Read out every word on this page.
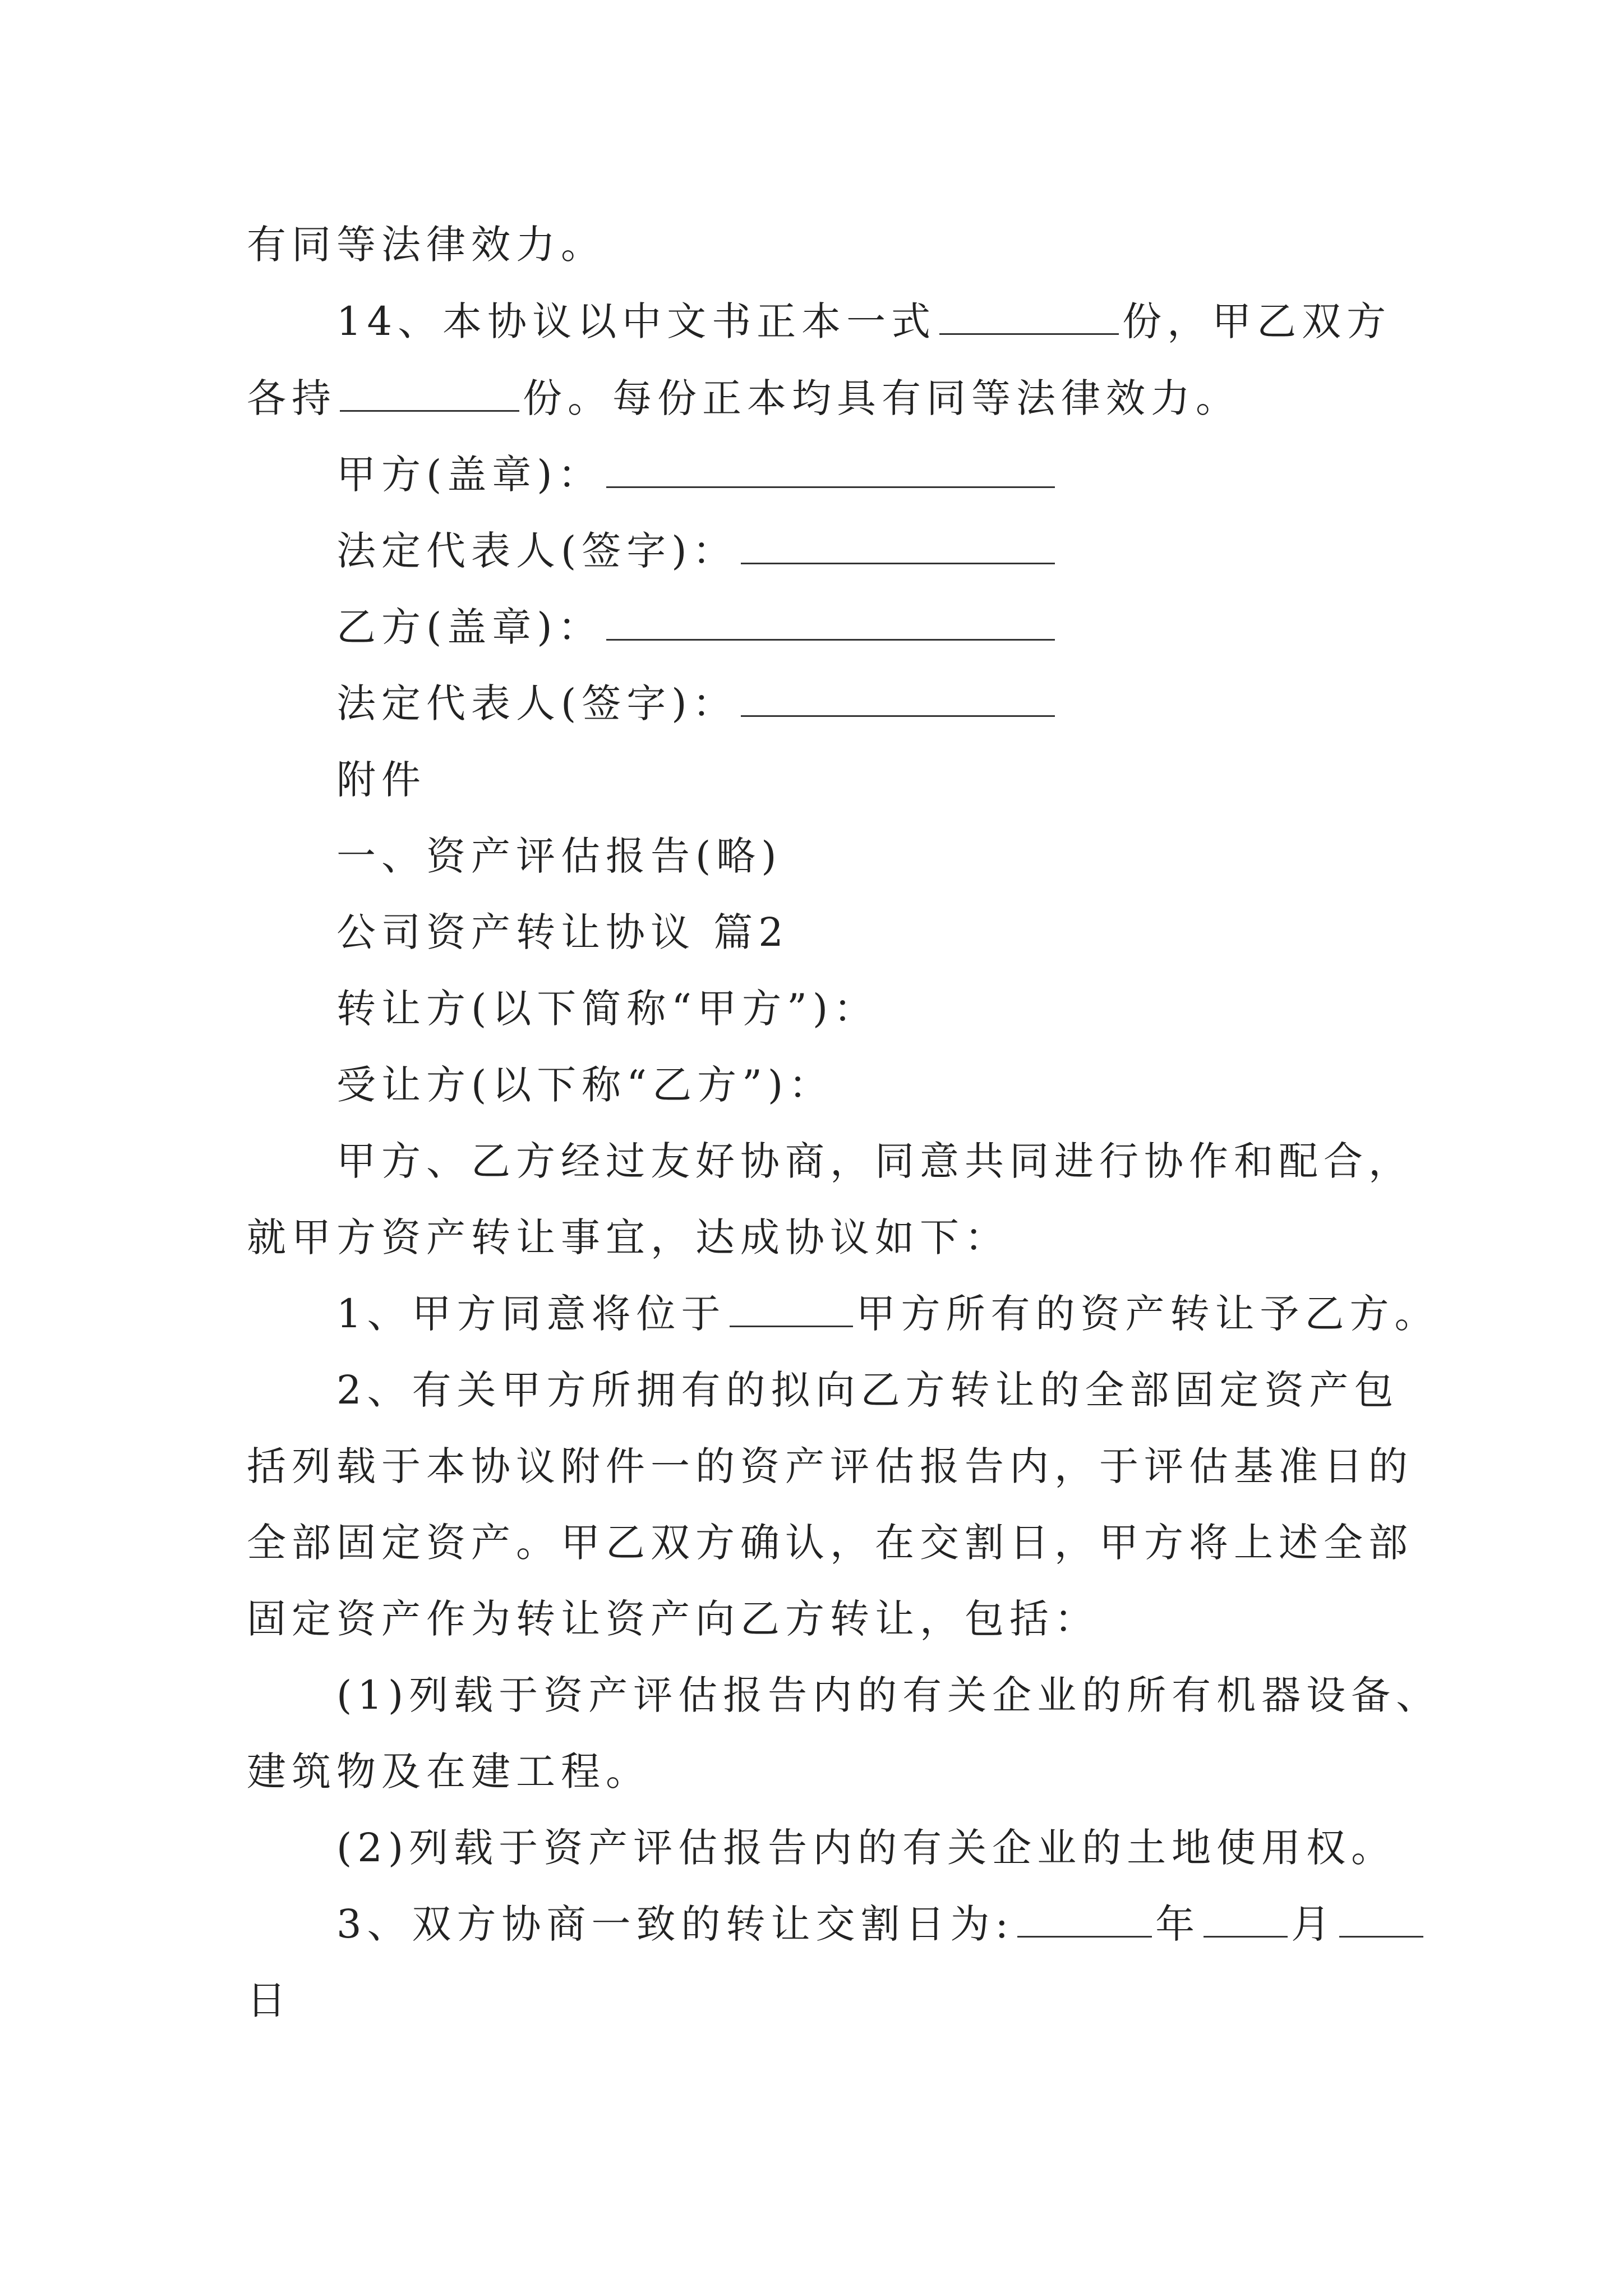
有同等法律效力。
14、本协议以中文书正本一式	份，甲乙双方
各持	份。每份正本均具有同等法律效力。
甲方(盖章)：
法定代表人(签字)：
乙方(盖章)：
法定代表人(签字)：
附件
一、资产评估报告(略)
公司资产转让协议 篇2
转让方(以下简称“甲方”)：
受让方(以下称“乙方”)：
甲方、乙方经过友好协商，同意共同进行协作和配合，
就甲方资产转让事宜，达成协议如下：
1、甲方同意将位于	甲方所有的资产转让予乙方。
2、有关甲方所拥有的拟向乙方转让的全部固定资产包
括列载于本协议附件一的资产评估报告内，于评估基准日的
全部固定资产。甲乙双方确认，在交割日，甲方将上述全部
固定资产作为转让资产向乙方转让，包括：
(1)列载于资产评估报告内的有关企业的所有机器设备、
建筑物及在建工程。
(2)列载于资产评估报告内的有关企业的土地使用权。
3、双方协商一致的转让交割日为:	年 月
日
